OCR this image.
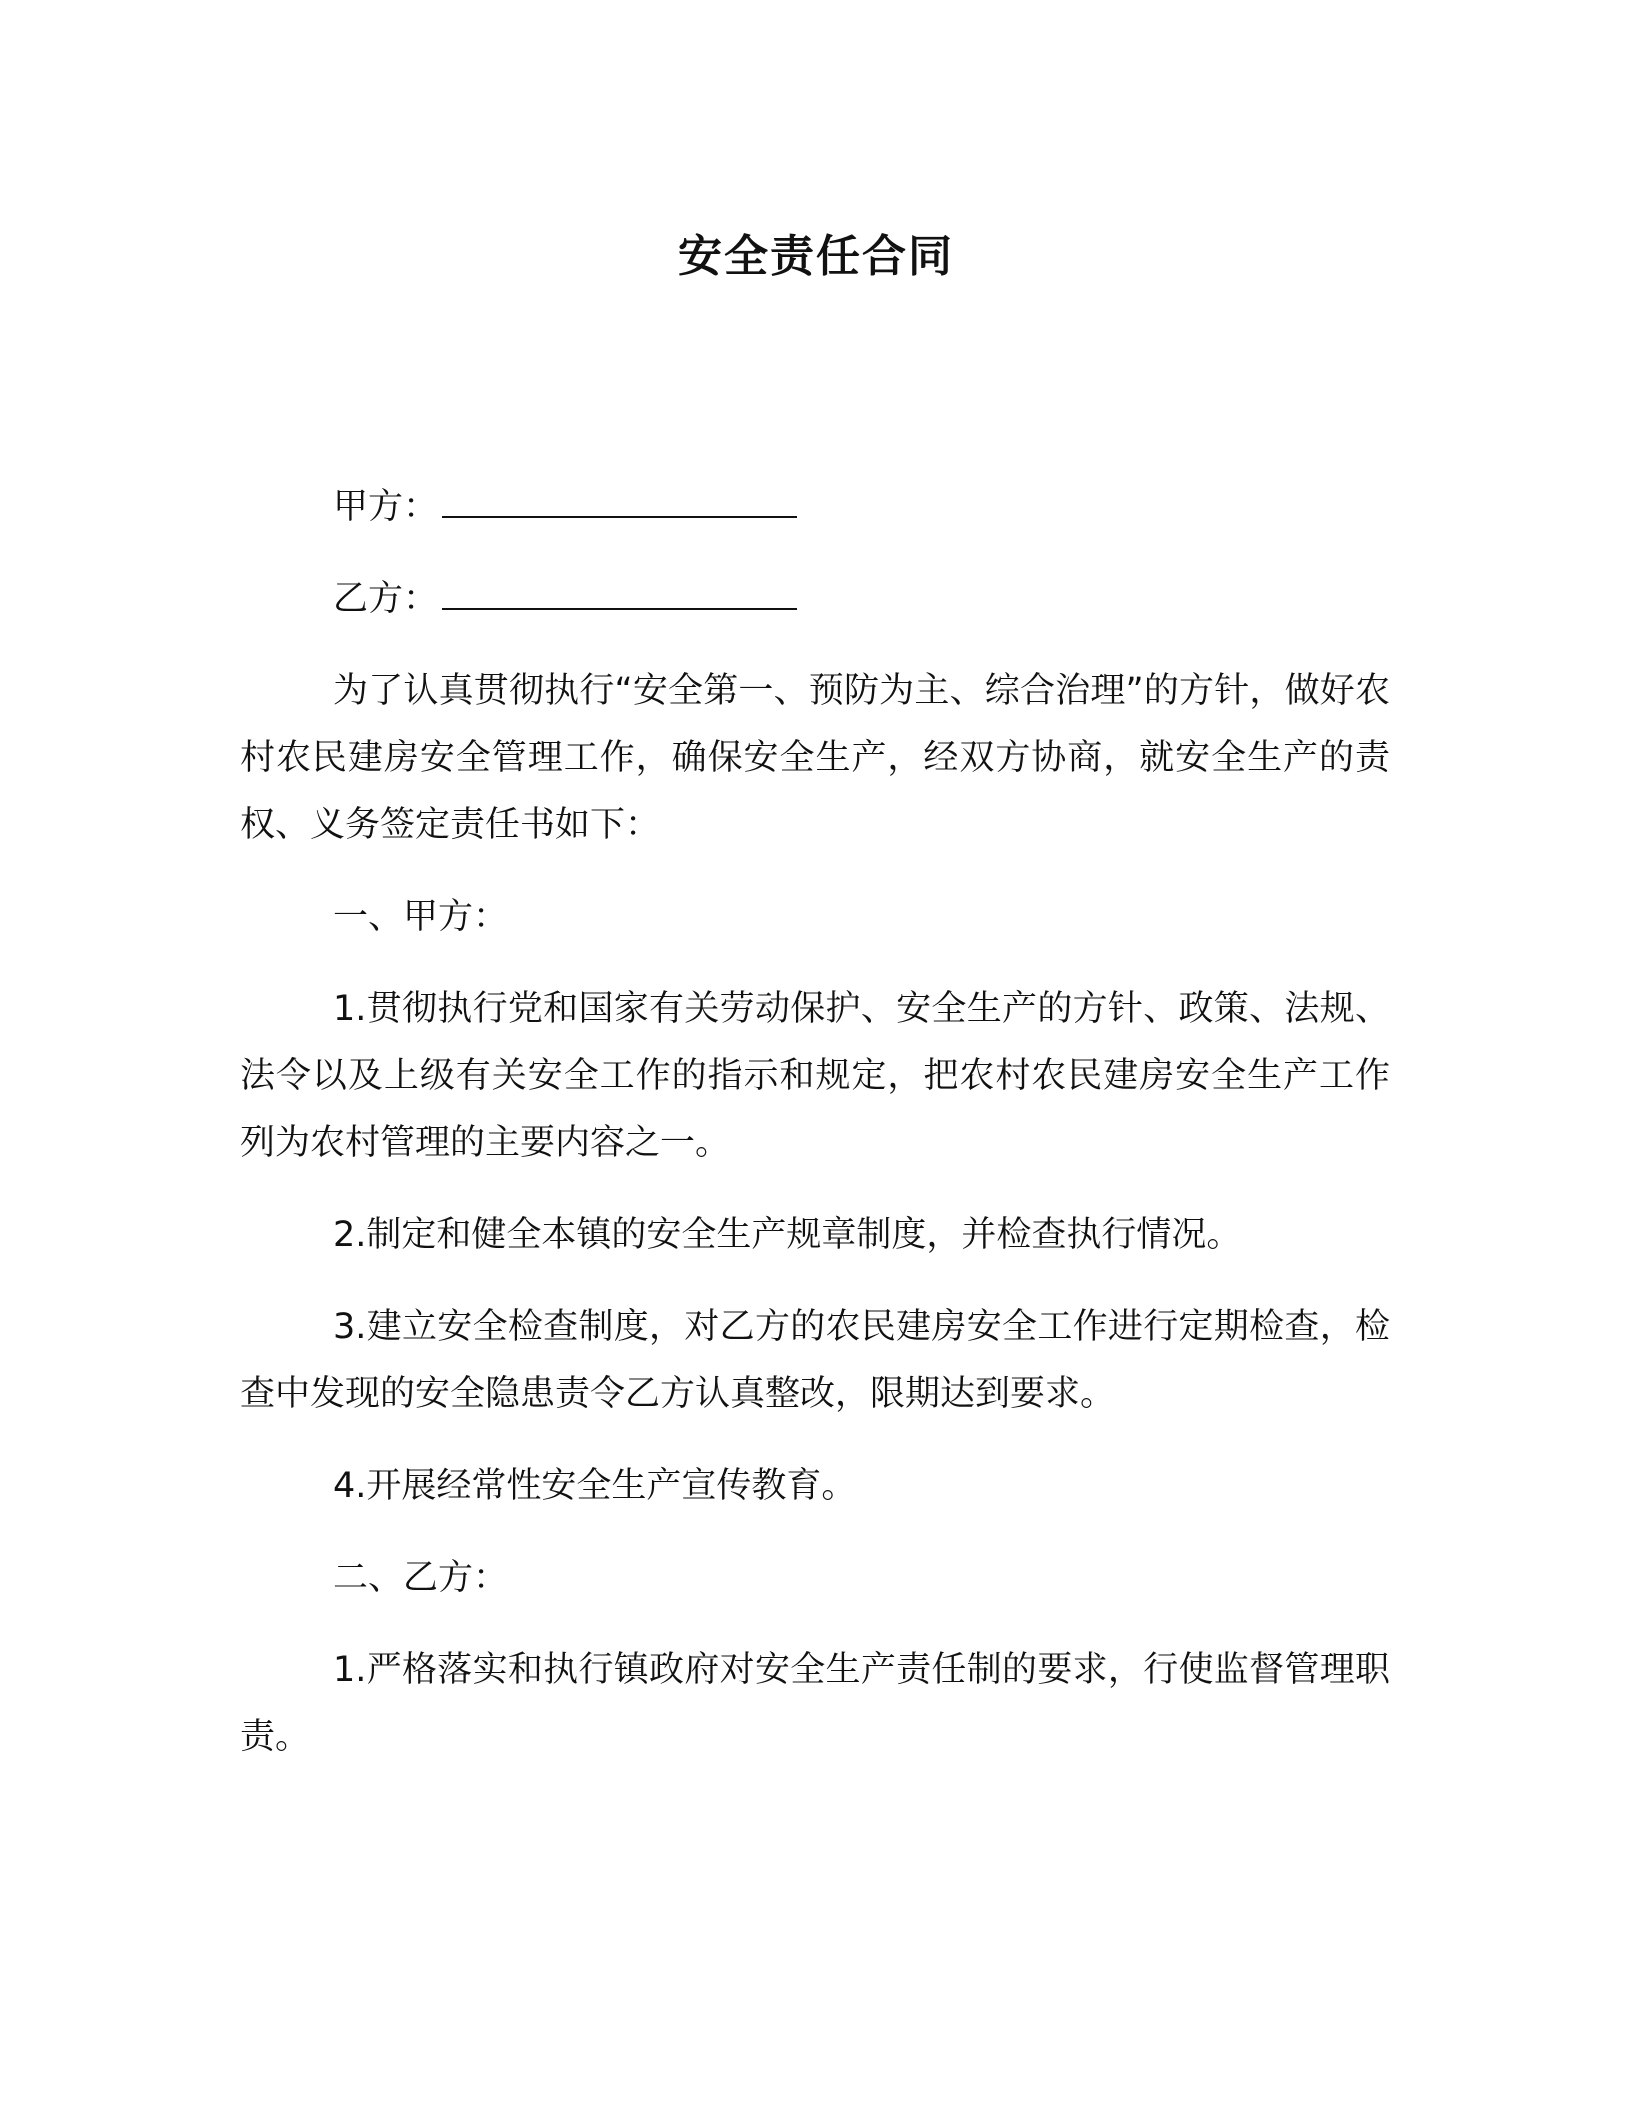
安全责任合同
甲方：
乙方：

为了认真贯彻执行“安全第一、预防为主、综合治理”的方针，做好农村农民建房安全管理工作，确保安全生产，经双方协商，就安全生产的责权、义务签定责任书如下：

一、甲方：

1.贯彻执行党和国家有关劳动保护、安全生产的方针、政策、法规、法令以及上级有关安全工作的指示和规定，把农村农民建房安全生产工作列为农村管理的主要内容之一。

2.制定和健全本镇的安全生产规章制度，并检查执行情况。

3.建立安全检查制度，对乙方的农民建房安全工作进行定期检查，检查中发现的安全隐患责令乙方认真整改，限期达到要求。

4.开展经常性安全生产宣传教育。

二、乙方：

1.严格落实和执行镇政府对安全生产责任制的要求，行使监督管理职责。
